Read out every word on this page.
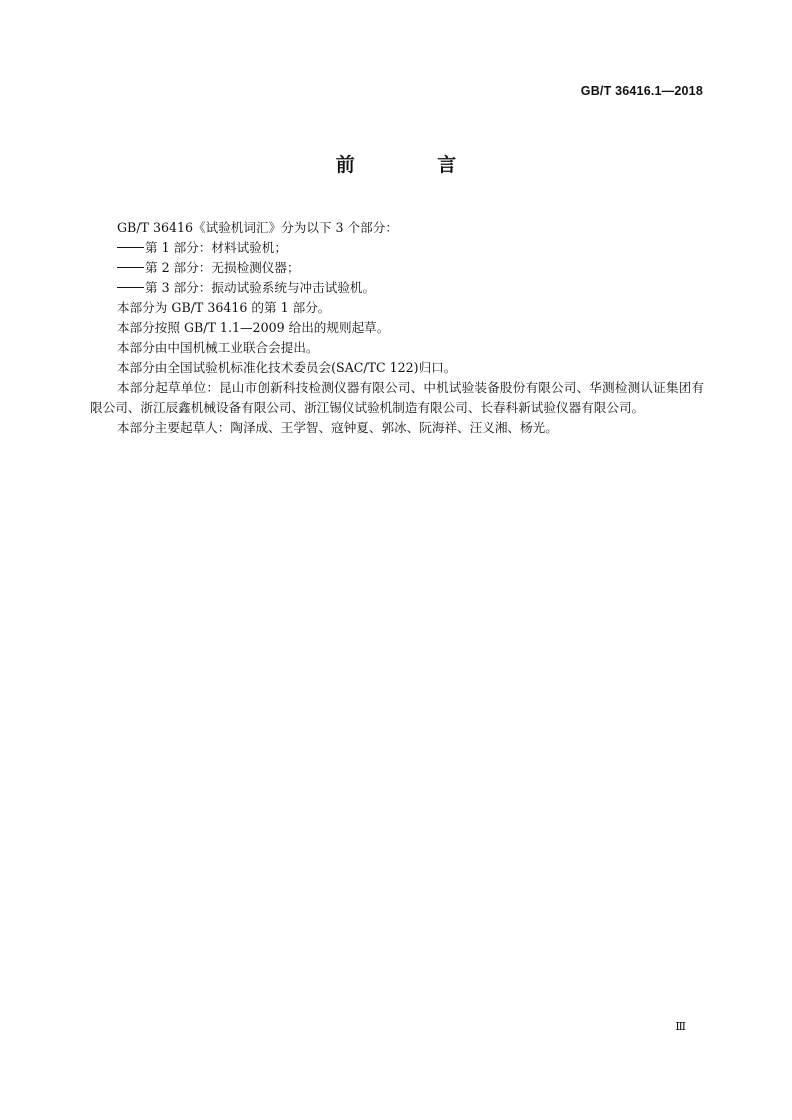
GB/T 36416.1—2018
前 言

GB/T 36416《试验机词汇》分为以下 3 个部分：

第 1 部分：材料试验机；

第 2 部分：无损检测仪器；

第 3 部分：振动试验系统与冲击试验机。

本部分为 GB/T 36416 的第 1 部分。

本部分按照 GB/T 1.1—2009 给出的规则起草。

本部分由中国机械工业联合会提出。

本部分由全国试验机标准化技术委员会(SAC/TC 122)归口。

本部分起草单位：昆山市创新科技检测仪器有限公司、中机试验装备股份有限公司、华测检测认证集团有限公司、浙江辰鑫机械设备有限公司、浙江锡仪试验机制造有限公司、长春科新试验仪器有限公司。

本部分主要起草人：陶泽成、王学智、寇钟夏、郭冰、阮海祥、汪义湘、杨光。

Ⅲ
